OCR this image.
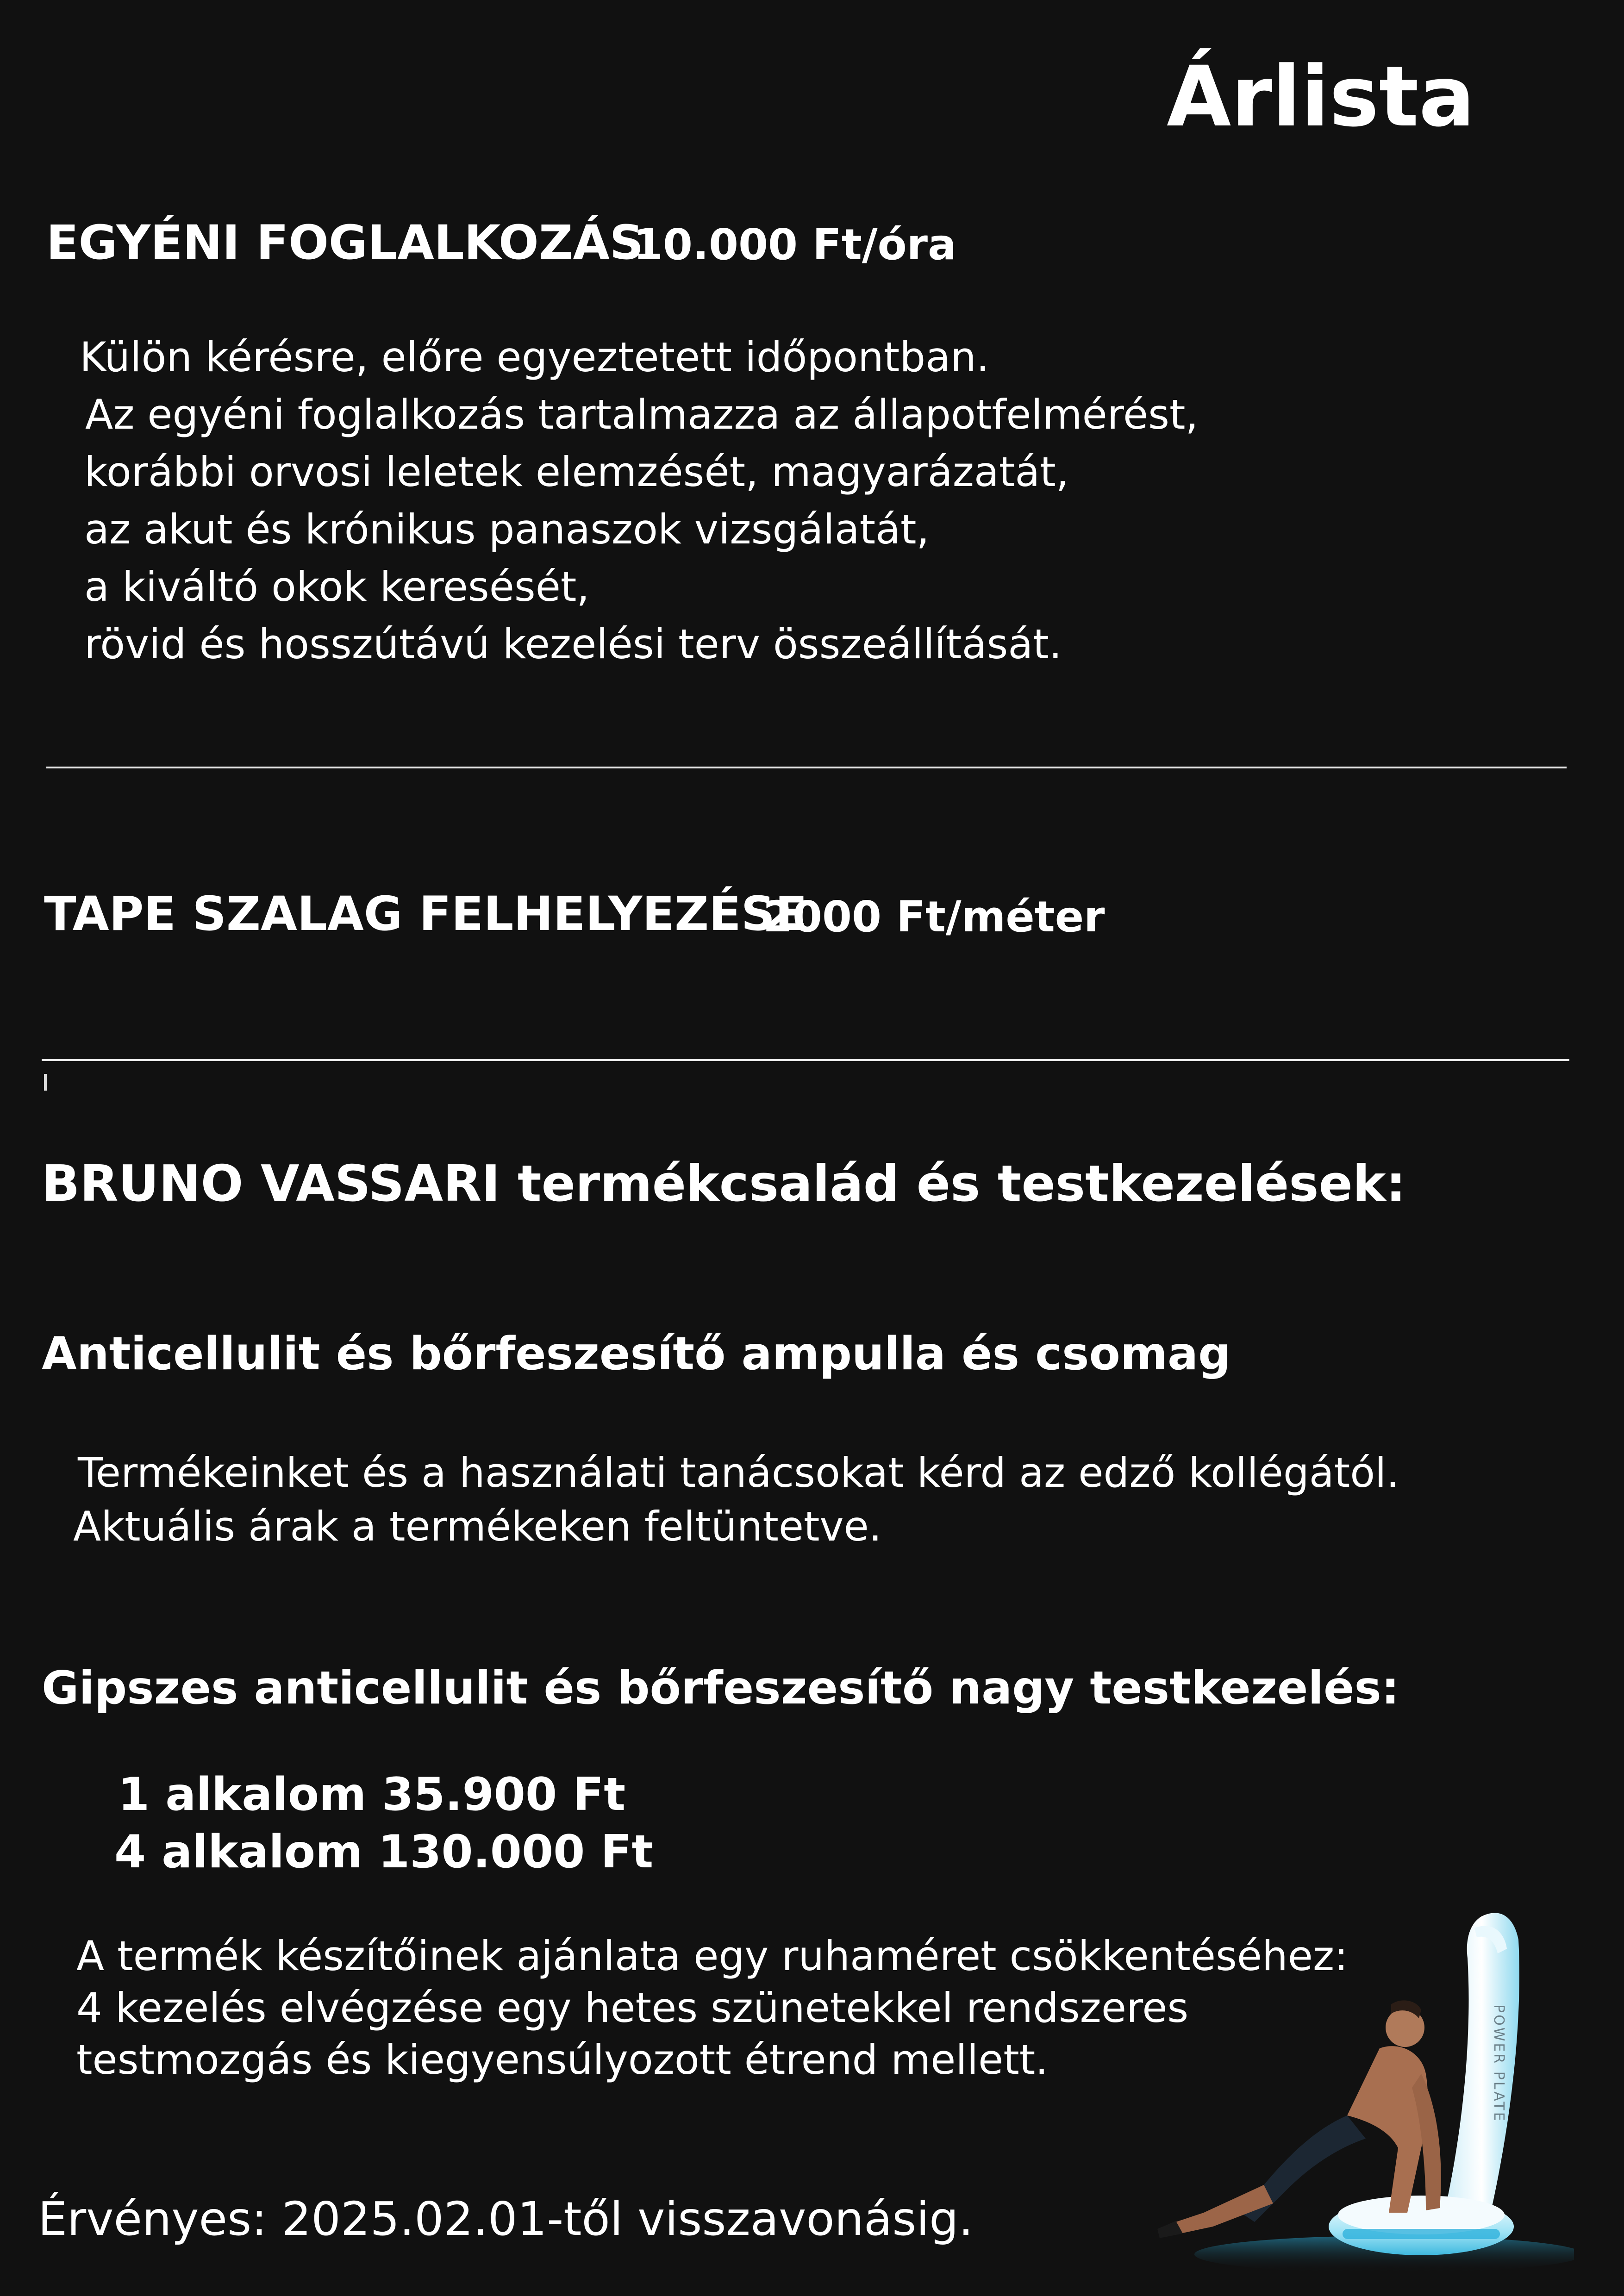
Árlista
EGYÉNI FOGLALKOZÁS
10.000 Ft/óra
Külön kérésre, előre egyeztetett időpontban.
Az egyéni foglalkozás tartalmazza az állapotfelmérést,
korábbi orvosi leletek elemzését, magyarázatát,
az akut és krónikus panaszok vizsgálatát,
a kiváltó okok keresését,
rövid és hosszútávú kezelési terv összeállítását.
TAPE SZALAG FELHELYEZÉSE
2000 Ft/méter
BRUNO VASSARI termékcsalád és testkezelések:
Anticellulit és bőrfeszesítő ampulla és csomag
Termékeinket és a használati tanácsokat kérd az edző kollégától.
Aktuális árak a termékeken feltüntetve.
Gipszes anticellulit és bőrfeszesítő nagy testkezelés:
1 alkalom 35.900 Ft
4 alkalom 130.000 Ft
A termék készítőinek ajánlata egy ruhaméret csökkentéséhez:
4 kezelés elvégzése egy hetes szünetekkel rendszeres
testmozgás és kiegyensúlyozott étrend mellett.
Érvényes: 2025.02.01-től visszavonásig.
POWER PLATE
